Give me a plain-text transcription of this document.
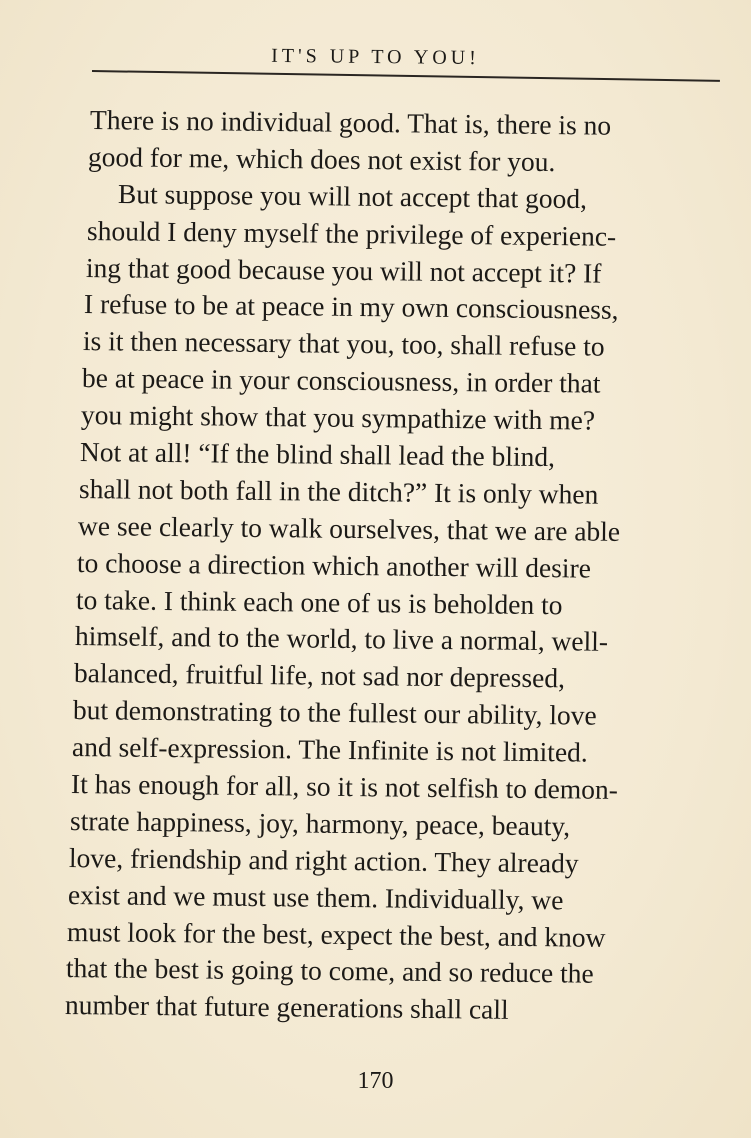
IT'S UP TO YOU!
There is no individual good. That is, there is no
good for me, which does not exist for you.
But suppose you will not accept that good,
should I deny myself the privilege of experienc-
ing that good because you will not accept it? If
I refuse to be at peace in my own consciousness,
is it then necessary that you, too, shall refuse to
be at peace in your consciousness, in order that
you might show that you sympathize with me?
Not at all! “If the blind shall lead the blind,
shall not both fall in the ditch?” It is only when
we see clearly to walk ourselves, that we are able
to choose a direction which another will desire
to take. I think each one of us is beholden to
himself, and to the world, to live a normal, well-
balanced, fruitful life, not sad nor depressed,
but demonstrating to the fullest our ability, love
and self-expression. The Infinite is not limited.
It has enough for all, so it is not selfish to demon-
strate happiness, joy, harmony, peace, beauty,
love, friendship and right action. They already
exist and we must use them. Individually, we
must look for the best, expect the best, and know
that the best is going to come, and so reduce the
number that future generations shall call
170
